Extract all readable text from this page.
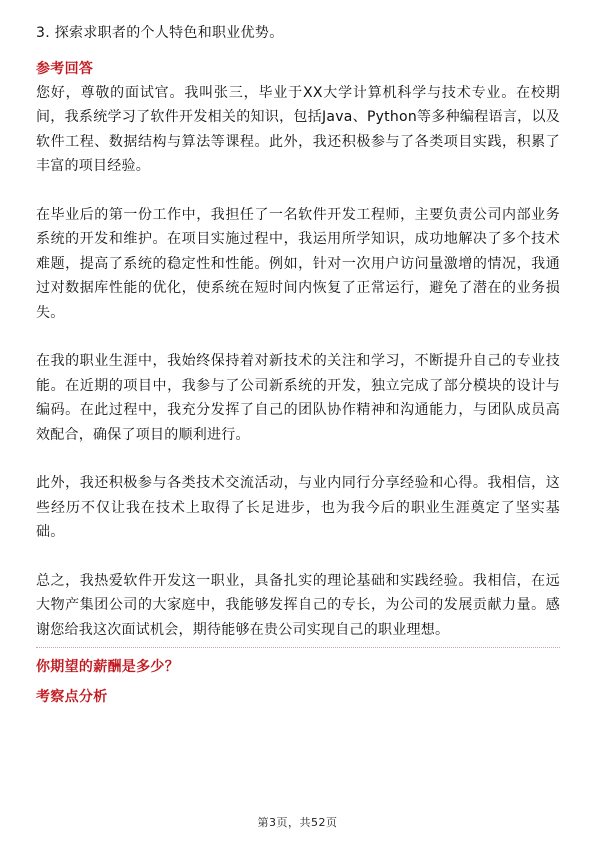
3. 探索求职者的个人特色和职业优势。
参考回答

您好，尊敬的面试官。我叫张三，毕业于XX大学计算机科学与技术专业。在校期间，我系统学习了软件开发相关的知识，包括Java、Python等多种编程语言，以及软件工程、数据结构与算法等课程。此外，我还积极参与了各类项目实践，积累了丰富的项目经验。

在毕业后的第一份工作中，我担任了一名软件开发工程师，主要负责公司内部业务系统的开发和维护。在项目实施过程中，我运用所学知识，成功地解决了多个技术难题，提高了系统的稳定性和性能。例如，针对一次用户访问量激增的情况，我通过对数据库性能的优化，使系统在短时间内恢复了正常运行，避免了潜在的业务损失。

在我的职业生涯中，我始终保持着对新技术的关注和学习，不断提升自己的专业技能。在近期的项目中，我参与了公司新系统的开发，独立完成了部分模块的设计与编码。在此过程中，我充分发挥了自己的团队协作精神和沟通能力，与团队成员高效配合，确保了项目的顺利进行。

此外，我还积极参与各类技术交流活动，与业内同行分享经验和心得。我相信，这些经历不仅让我在技术上取得了长足进步，也为我今后的职业生涯奠定了坚实基础。

总之，我热爱软件开发这一职业，具备扎实的理论基础和实践经验。我相信，在远大物产集团公司的大家庭中，我能够发挥自己的专长，为公司的发展贡献力量。感谢您给我这次面试机会，期待能够在贵公司实现自己的职业理想。

你期望的薪酬是多少？
考察点分析
第3页，共52页
